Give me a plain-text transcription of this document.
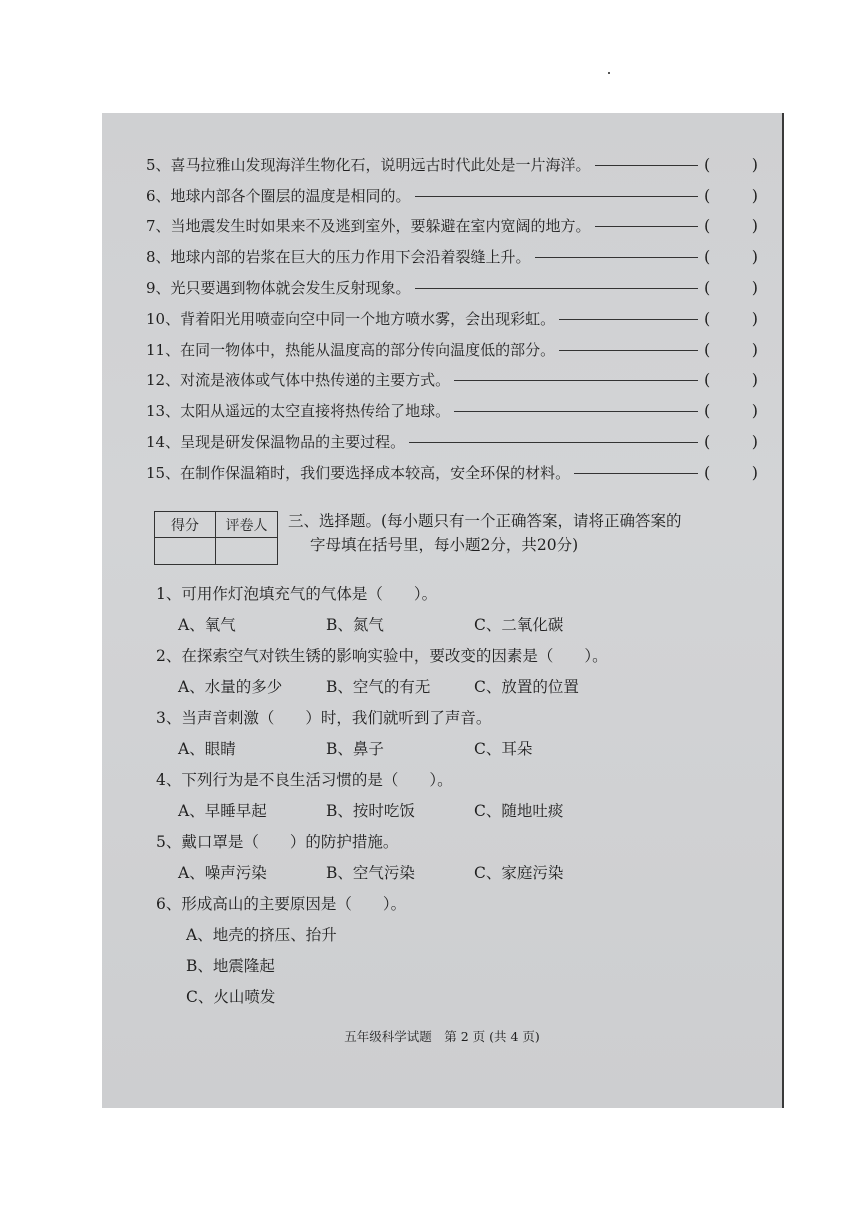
5、喜马拉雅山发现海洋生物化石，说明远古时代此处是一片海洋。	(	)
6、地球内部各个圈层的温度是相同的。	(	)
7、当地震发生时如果来不及逃到室外，要躲避在室内宽阔的地方。	(	)
8、地球内部的岩浆在巨大的压力作用下会沿着裂缝上升。	(	)
9、光只要遇到物体就会发生反射现象。	(	)
10、背着阳光用喷壶向空中同一个地方喷水雾，会出现彩虹。	(	)
11、在同一物体中，热能从温度高的部分传向温度低的部分。	(	)
12、对流是液体或气体中热传递的主要方式。	(	)
13、太阳从遥远的太空直接将热传给了地球。	(	)
14、呈现是研发保温物品的主要过程。	(	)
15、在制作保温箱时，我们要选择成本较高，安全环保的材料。	(	)
得分	评卷人	三、选择题。(每小题只有一个正确答案，请将正确答案的
字母填在括号里，每小题2分，共20分)
1、可用作灯泡填充气的气体是（　　）。
A、氧气	B、氮气	C、二氧化碳
2、在探索空气对铁生锈的影响实验中，要改变的因素是（　　）。
A、水量的多少	B、空气的有无	C、放置的位置
3、当声音刺激（　　）时，我们就听到了声音。
A、眼睛	B、鼻子	C、耳朵
4、下列行为是不良生活习惯的是（　　）。
A、早睡早起	B、按时吃饭	C、随地吐痰
5、戴口罩是（　　）的防护措施。
A、噪声污染	B、空气污染	C、家庭污染
6、形成高山的主要原因是（　　）。
A、地壳的挤压、抬升
B、地震隆起
C、火山喷发
五年级科学试题　第 2 页 (共 4 页)
